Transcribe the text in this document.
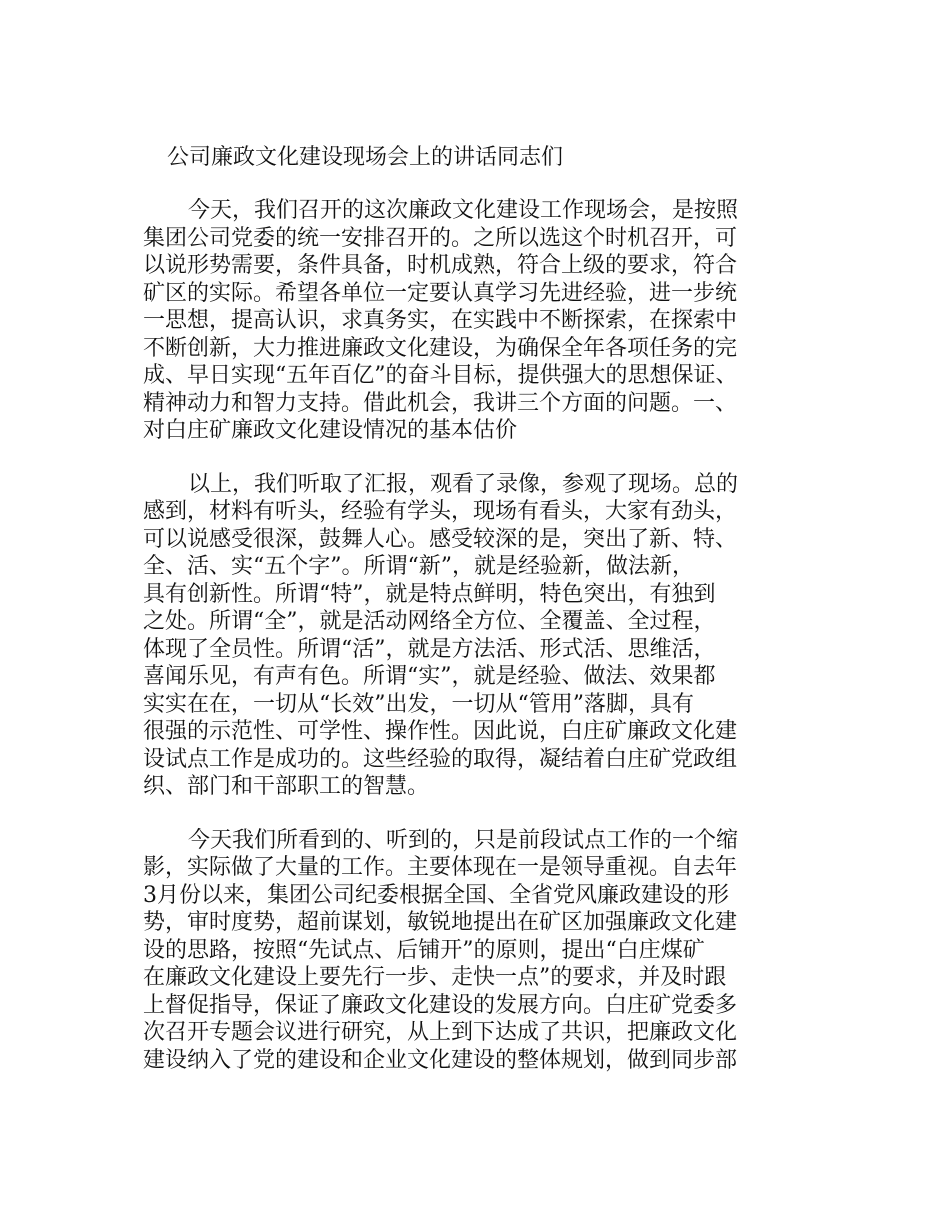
公司廉政文化建设现场会上的讲话同志们

今天，我们召开的这次廉政文化建设工作现场会，是按照
集团公司党委的统一安排召开的。之所以选这个时机召开，可
以说形势需要，条件具备，时机成熟，符合上级的要求，符合
矿区的实际。希望各单位一定要认真学习先进经验，进一步统
一思想，提高认识，求真务实，在实践中不断探索，在探索中
不断创新，大力推进廉政文化建设，为确保全年各项任务的完
成、早日实现“五年百亿”的奋斗目标，提供强大的思想保证、
精神动力和智力支持。借此机会，我讲三个方面的问题。一、
对白庄矿廉政文化建设情况的基本估价

以上，我们听取了汇报，观看了录像，参观了现场。总的
感到，材料有听头，经验有学头，现场有看头，大家有劲头，
可以说感受很深，鼓舞人心。感受较深的是，突出了新、特、
全、活、实“五个字”。所谓“新”，就是经验新，做法新，
具有创新性。所谓“特”，就是特点鲜明，特色突出，有独到
之处。所谓“全”，就是活动网络全方位、全覆盖、全过程，
体现了全员性。所谓“活”，就是方法活、形式活、思维活，
喜闻乐见，有声有色。所谓“实”，就是经验、做法、效果都
实实在在，一切从“长效”出发，一切从“管用”落脚，具有
很强的示范性、可学性、操作性。因此说，白庄矿廉政文化建
设试点工作是成功的。这些经验的取得，凝结着白庄矿党政组
织、部门和干部职工的智慧。

今天我们所看到的、听到的，只是前段试点工作的一个缩
影，实际做了大量的工作。主要体现在一是领导重视。自去年
3月份以来，集团公司纪委根据全国、全省党风廉政建设的形
势，审时度势，超前谋划，敏锐地提出在矿区加强廉政文化建
设的思路，按照“先试点、后铺开”的原则，提出“白庄煤矿
在廉政文化建设上要先行一步、走快一点”的要求，并及时跟
上督促指导，保证了廉政文化建设的发展方向。白庄矿党委多
次召开专题会议进行研究，从上到下达成了共识，把廉政文化
建设纳入了党的建设和企业文化建设的整体规划，做到同步部
